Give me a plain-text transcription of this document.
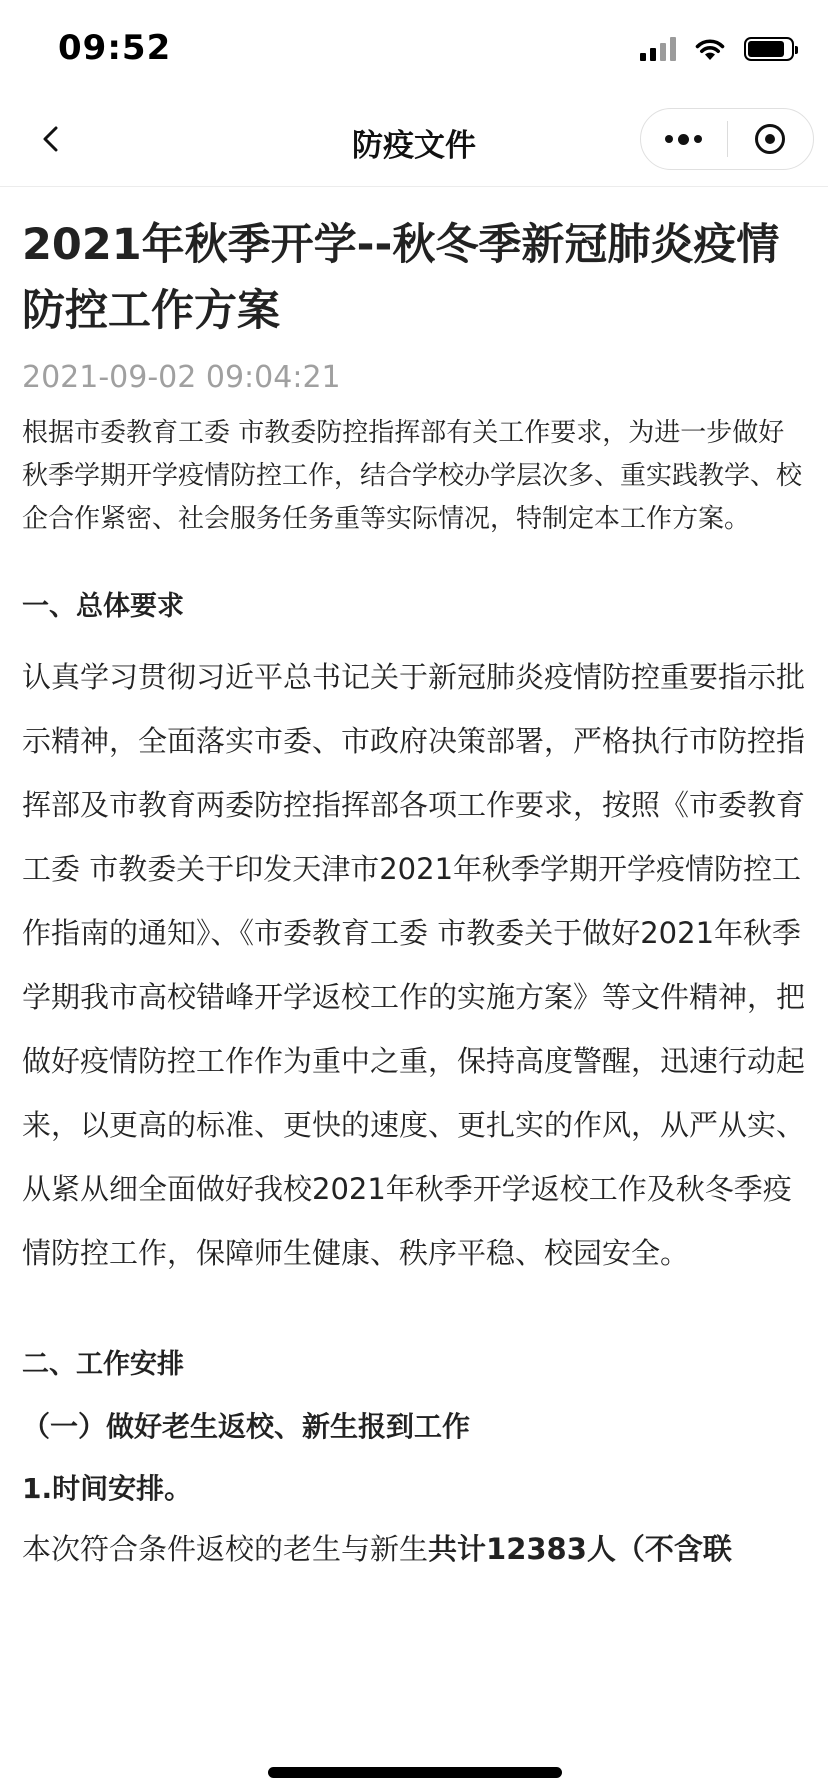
09:52
防疫文件
2021年秋季开学--秋冬季新冠肺炎疫情防控工作方案
2021-09-02 09:04:21
根据市委教育工委 市教委防控指挥部有关工作要求，为进一步做好秋季学期开学疫情防控工作，结合学校办学层次多、重实践教学、校企合作紧密、社会服务任务重等实际情况，特制定本工作方案。
一、总体要求
认真学习贯彻习近平总书记关于新冠肺炎疫情防控重要指示批示精神，全面落实市委、市政府决策部署，严格执行市防控指挥部及市教育两委防控指挥部各项工作要求，按照《市委教育工委 市教委关于印发天津市2021年秋季学期开学疫情防控工作指南的通知》、《市委教育工委 市教委关于做好2021年秋季学期我市高校错峰开学返校工作的实施方案》等文件精神，把做好疫情防控工作作为重中之重，保持高度警醒，迅速行动起来，以更高的标准、更快的速度、更扎实的作风，从严从实、从紧从细全面做好我校2021年秋季开学返校工作及秋冬季疫情防控工作，保障师生健康、秩序平稳、校园安全。
二、工作安排
（一）做好老生返校、新生报到工作
1.时间安排。
本次符合条件返校的老生与新生共计12383人（不含联
